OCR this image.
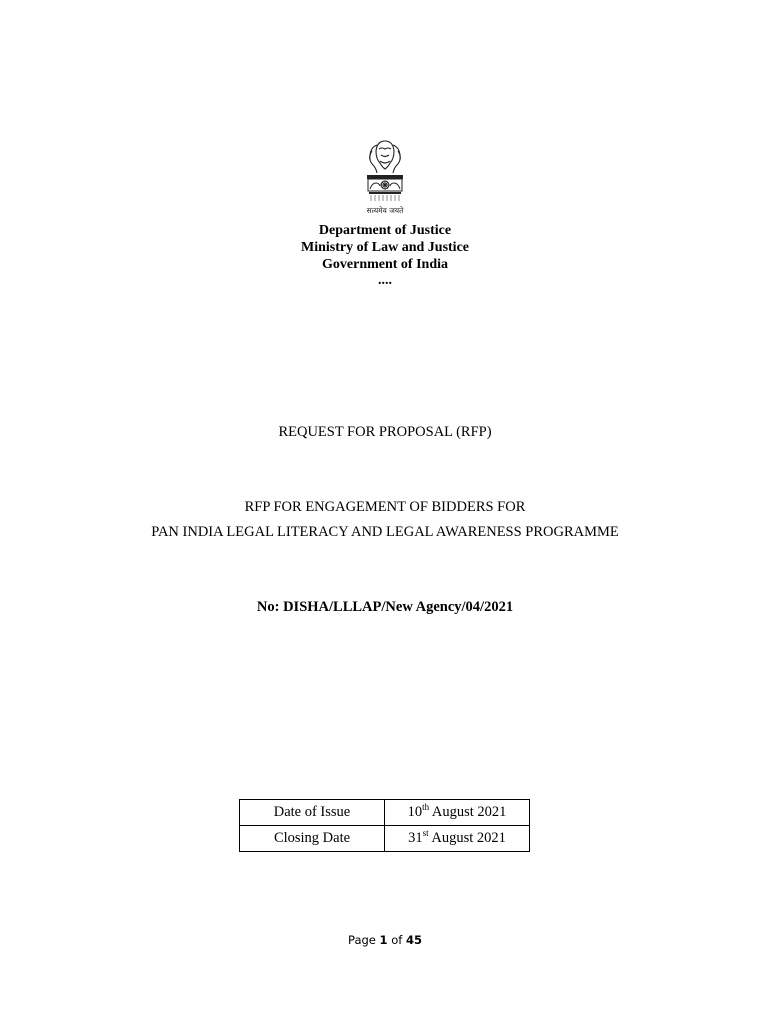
सत्यमेव जयते
Department of Justice
Ministry of Law and Justice
Government of India
....
REQUEST FOR PROPOSAL (RFP)
RFP FOR ENGAGEMENT OF BIDDERS FOR
PAN INDIA LEGAL LITERACY AND LEGAL AWARENESS PROGRAMME
No: DISHA/LLLAP/New Agency/04/2021
Date of Issue	10th August 2021
Closing Date	31st August 2021
Page 1 of 45
